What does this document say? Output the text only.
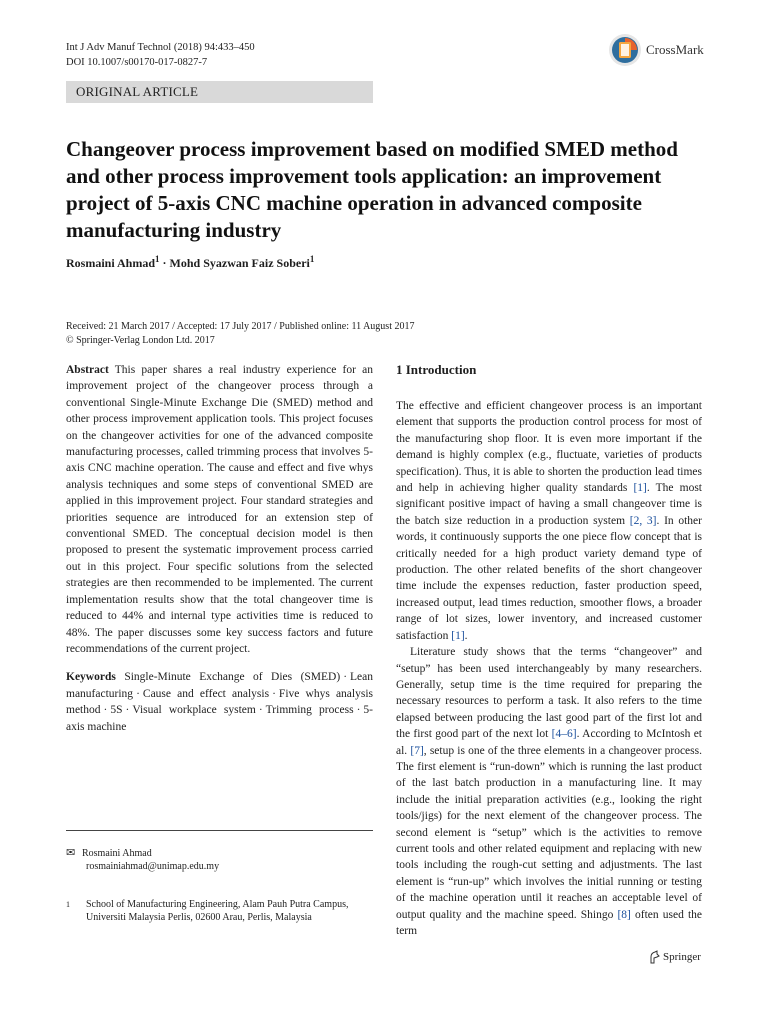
Int J Adv Manuf Technol (2018) 94:433–450
DOI 10.1007/s00170-017-0827-7
CrossMark
ORIGINAL ARTICLE
Changeover process improvement based on modified SMED method and other process improvement tools application: an improvement project of 5-axis CNC machine operation in advanced composite manufacturing industry
Rosmaini Ahmad$^1$ · Mohd Syazwan Faiz Soberi$^1$
Received: 21 March 2017 / Accepted: 17 July 2017 / Published online: 11 August 2017
© Springer-Verlag London Ltd. 2017

Abstract This paper shares a real industry experience for an improvement project of the changeover process through a conventional Single-Minute Exchange Die (SMED) method and other process improvement application tools. This project focuses on the changeover activities for one of the advanced composite manufacturing processes, called trimming process that involves 5-axis CNC machine operation. The cause and effect and five whys analysis techniques and some steps of conventional SMED are applied in this improvement project. Four standard strategies and priorities sequence are introduced for an extension step of conventional SMED. The conceptual decision model is then proposed to present the systematic improvement process carried out in this project. Four specific solutions from the selected strategies are then recommended to be implemented. The current implementation results show that the total changeover time is reduced to 44% and internal type activities time is reduced to 48%. The paper discusses some key success factors and future recommendations of the current project.

Keywords Single-Minute Exchange of Dies (SMED) · Lean manufacturing · Cause and effect analysis · Five whys analysis method · 5S · Visual workplace system · Trimming process · 5-axis machine

✉ Rosmaini Ahmad
rosmainiahmad@unimap.edu.my
1 School of Manufacturing Engineering, Alam Pauh Putra Campus, Universiti Malaysia Perlis, 02600 Arau, Perlis, Malaysia
1 Introduction

The effective and efficient changeover process is an important element that supports the production control process for most of the manufacturing shop floor. It is even more important if the demand is highly complex (e.g., fluctuate, varieties of products specification). Thus, it is able to shorten the production lead times and help in achieving higher quality standards [1]. The most significant positive impact of having a small changeover time is the batch size reduction in a production system [2, 3]. In other words, it continuously supports the one piece flow concept that is critically needed for a high product variety demand type of production. The other related benefits of the short changeover time include the expenses reduction, faster production speed, increased output, lead times reduction, smoother flows, a broader range of lot sizes, lower inventory, and increased customer satisfaction [1].

Literature study shows that the terms “changeover” and “setup” has been used interchangeably by many researchers. Generally, setup time is the time required for preparing the necessary resources to perform a task. It also refers to the time elapsed between producing the last good part of the first lot and the first good part of the next lot [4–6]. According to McIntosh et al. [7], setup is one of the three elements in a changeover process. The first element is “run-down” which is running the last product of the last batch production in a manufacturing line. It may include the initial preparation activities (e.g., looking the right tools/jigs) for the next element of the changeover process. The second element is “setup” which is the activities to remove current tools and other related equipment and replacing with new tools including the rough-cut setting and adjustments. The last element is “run-up” which involves the initial running or testing of the machine operation until it reaches an acceptable level of output quality and the machine speed. Shingo [8] often used the term

Springer
